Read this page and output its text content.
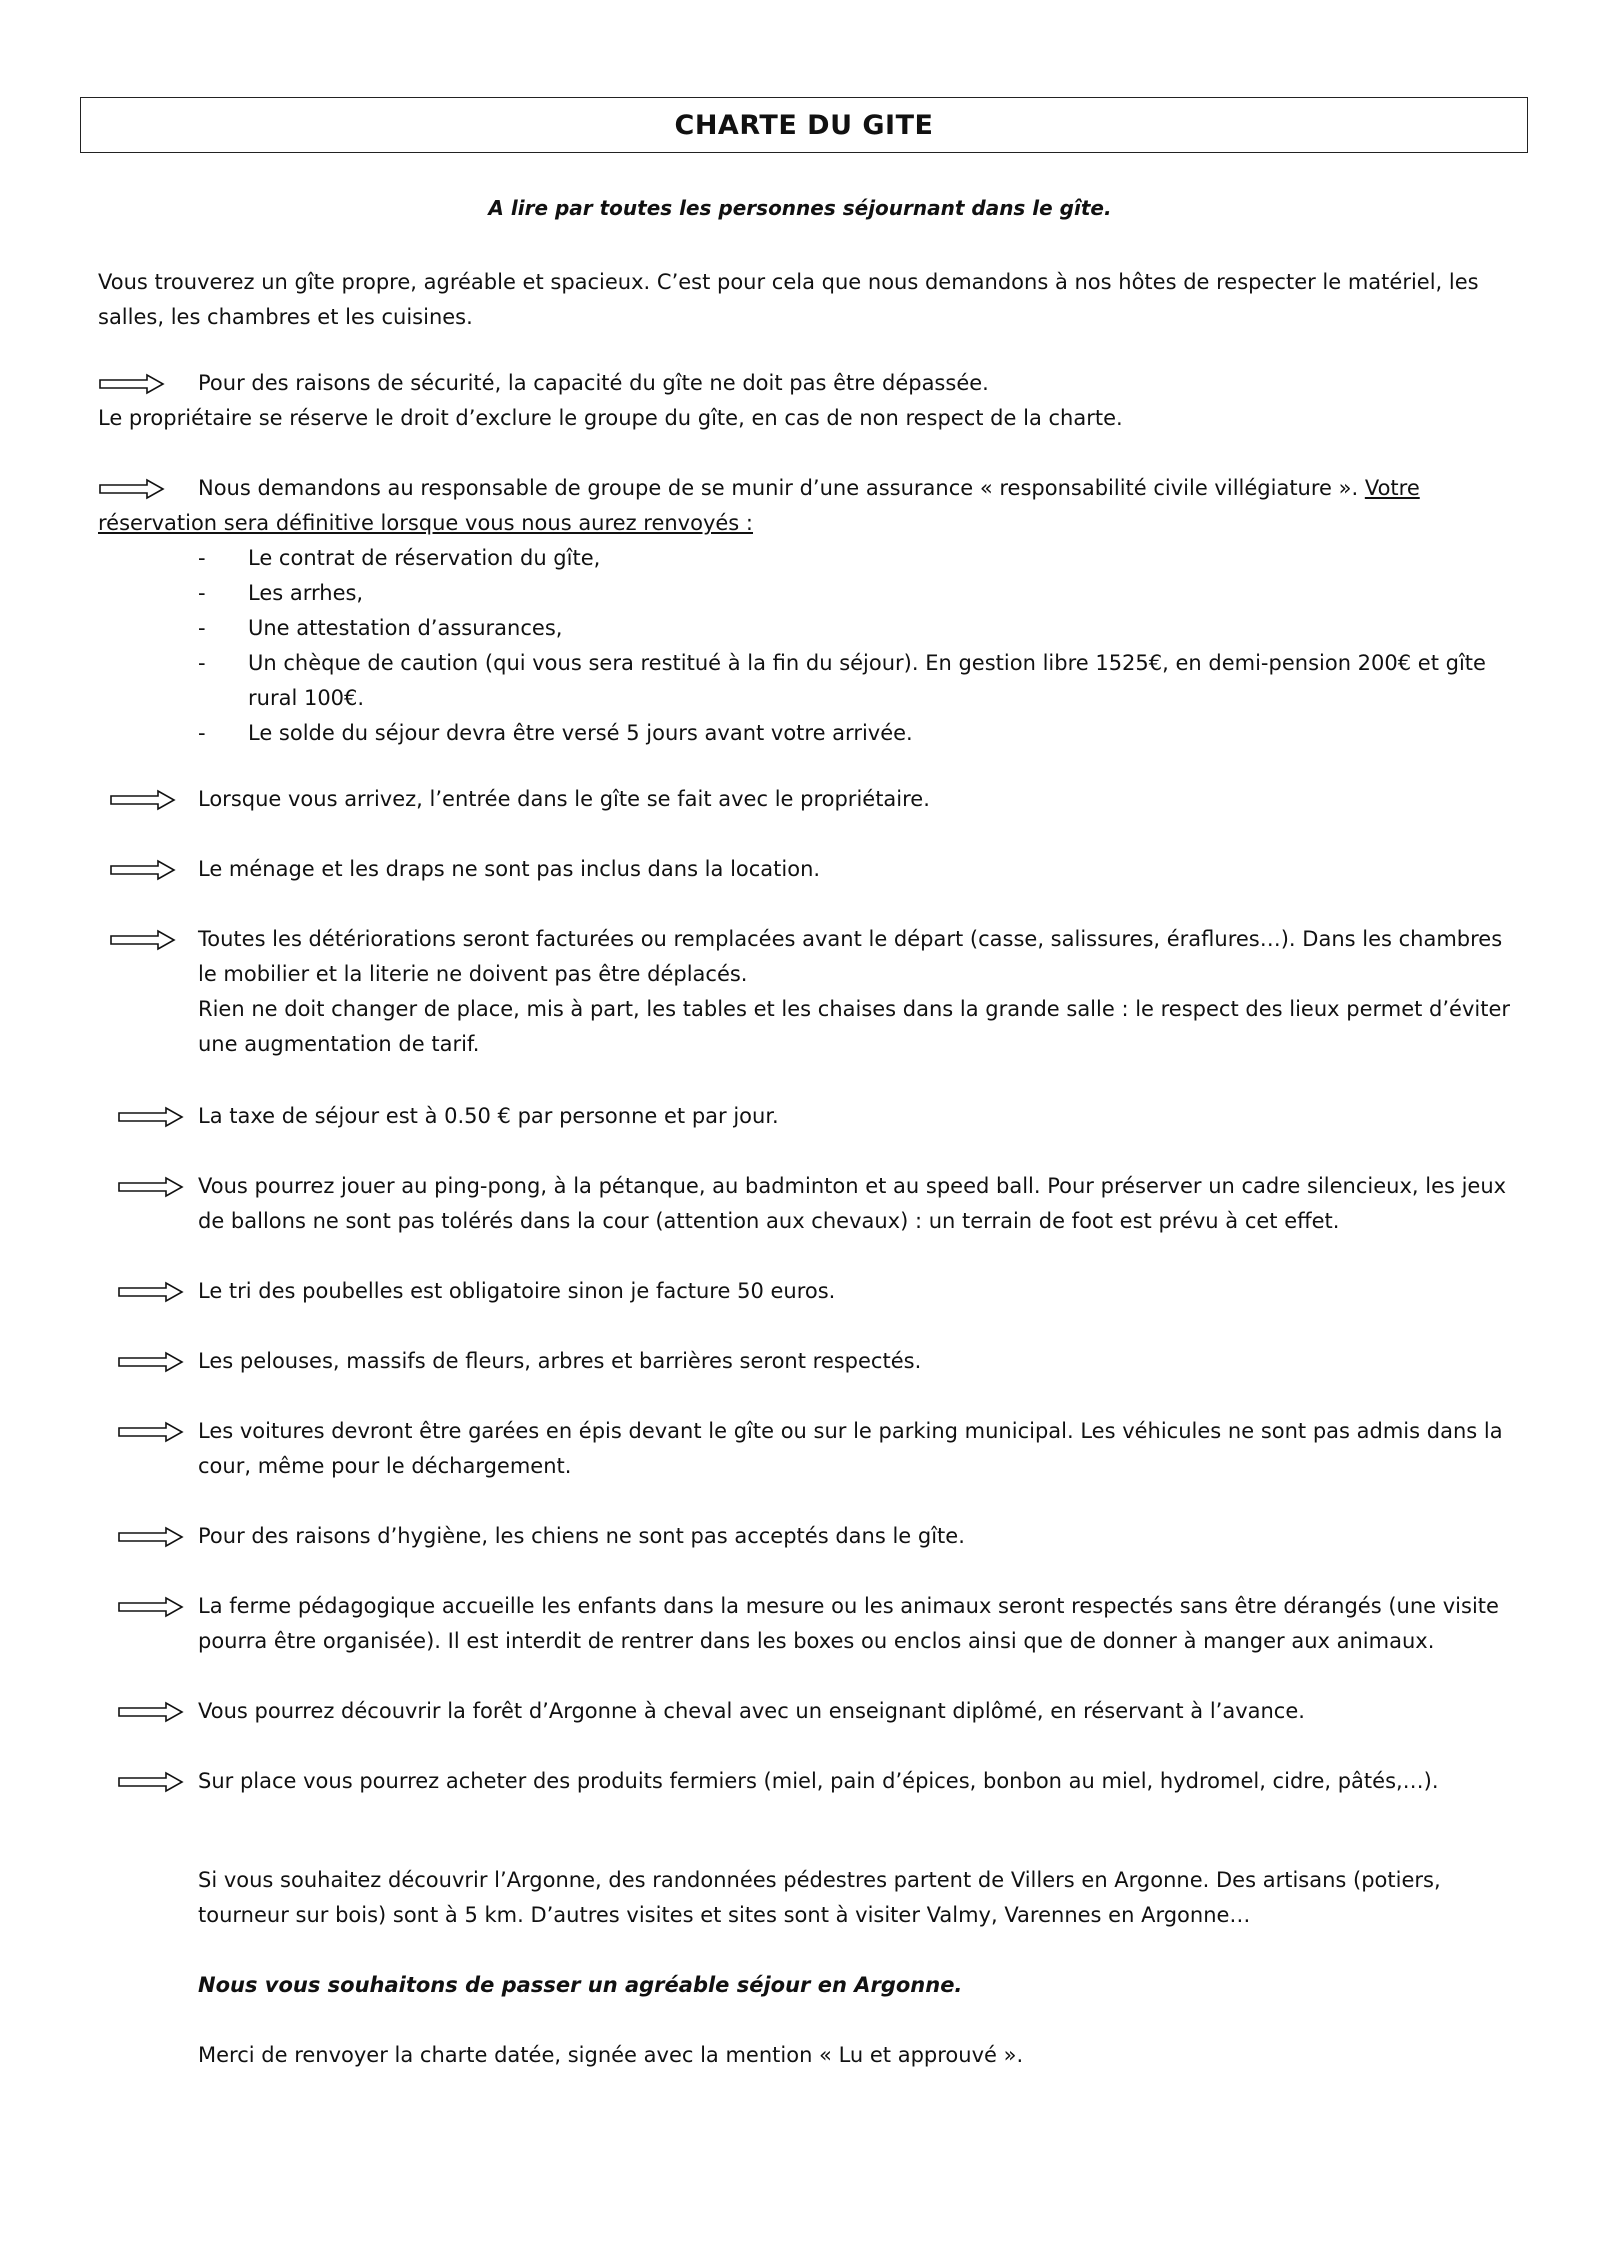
CHARTE DU GITE
A lire par toutes les personnes séjournant dans le gîte.
Vous trouverez un gîte propre, agréable et spacieux. C’est pour cela que nous demandons à nos hôtes de respecter le matériel, les salles, les chambres et les cuisines.
Pour des raisons de sécurité, la capacité du gîte ne doit pas être dépassée.
Le propriétaire se réserve le droit d’exclure le groupe du gîte, en cas de non respect de la charte.
Nous demandons au responsable de groupe de se munir d’une assurance « responsabilité civile villégiature ». Votre réservation sera définitive lorsque vous nous aurez renvoyés :
- Le contrat de réservation du gîte,
- Les arrhes,
- Une attestation d’assurances,
- Un chèque de caution (qui vous sera restitué à la fin du séjour). En gestion libre 1525€, en demi-pension 200€ et gîte rural 100€.
- Le solde du séjour devra être versé 5 jours avant votre arrivée.
Lorsque vous arrivez, l’entrée dans le gîte se fait avec le propriétaire.
Le ménage et les draps ne sont pas inclus dans la location.
Toutes les détériorations seront facturées ou remplacées avant le départ (casse, salissures, éraflures…). Dans les chambres le mobilier et la literie ne doivent pas être déplacés.
Rien ne doit changer de place, mis à part, les tables et les chaises dans la grande salle : le respect des lieux permet d’éviter une augmentation de tarif.
La taxe de séjour est à 0.50 € par personne et par jour.
Vous pourrez jouer au ping-pong, à la pétanque, au badminton et au speed ball. Pour préserver un cadre silencieux, les jeux de ballons ne sont pas tolérés dans la cour (attention aux chevaux) : un terrain de foot est prévu à cet effet.
Le tri des poubelles est obligatoire sinon je facture 50 euros.
Les pelouses, massifs de fleurs, arbres et barrières seront respectés.
Les voitures devront être garées en épis devant le gîte ou sur le parking municipal. Les véhicules ne sont pas admis dans la cour, même pour le déchargement.
Pour des raisons d’hygiène, les chiens ne sont pas acceptés dans le gîte.
La ferme pédagogique accueille les enfants dans la mesure ou les animaux seront respectés sans être dérangés (une visite pourra être organisée). Il est interdit de rentrer dans les boxes ou enclos ainsi que de donner à manger aux animaux.
Vous pourrez découvrir la forêt d’Argonne à cheval avec un enseignant diplômé, en réservant à l’avance.
Sur place vous pourrez acheter des produits fermiers (miel, pain d’épices, bonbon au miel, hydromel, cidre, pâtés,…).
Si vous souhaitez découvrir l’Argonne, des randonnées pédestres partent de Villers en Argonne. Des artisans (potiers, tourneur sur bois) sont à 5 km. D’autres visites et sites sont à visiter Valmy, Varennes en Argonne…
Nous vous souhaitons de passer un agréable séjour en Argonne.
Merci de renvoyer la charte datée, signée avec la mention « Lu et approuvé ».
